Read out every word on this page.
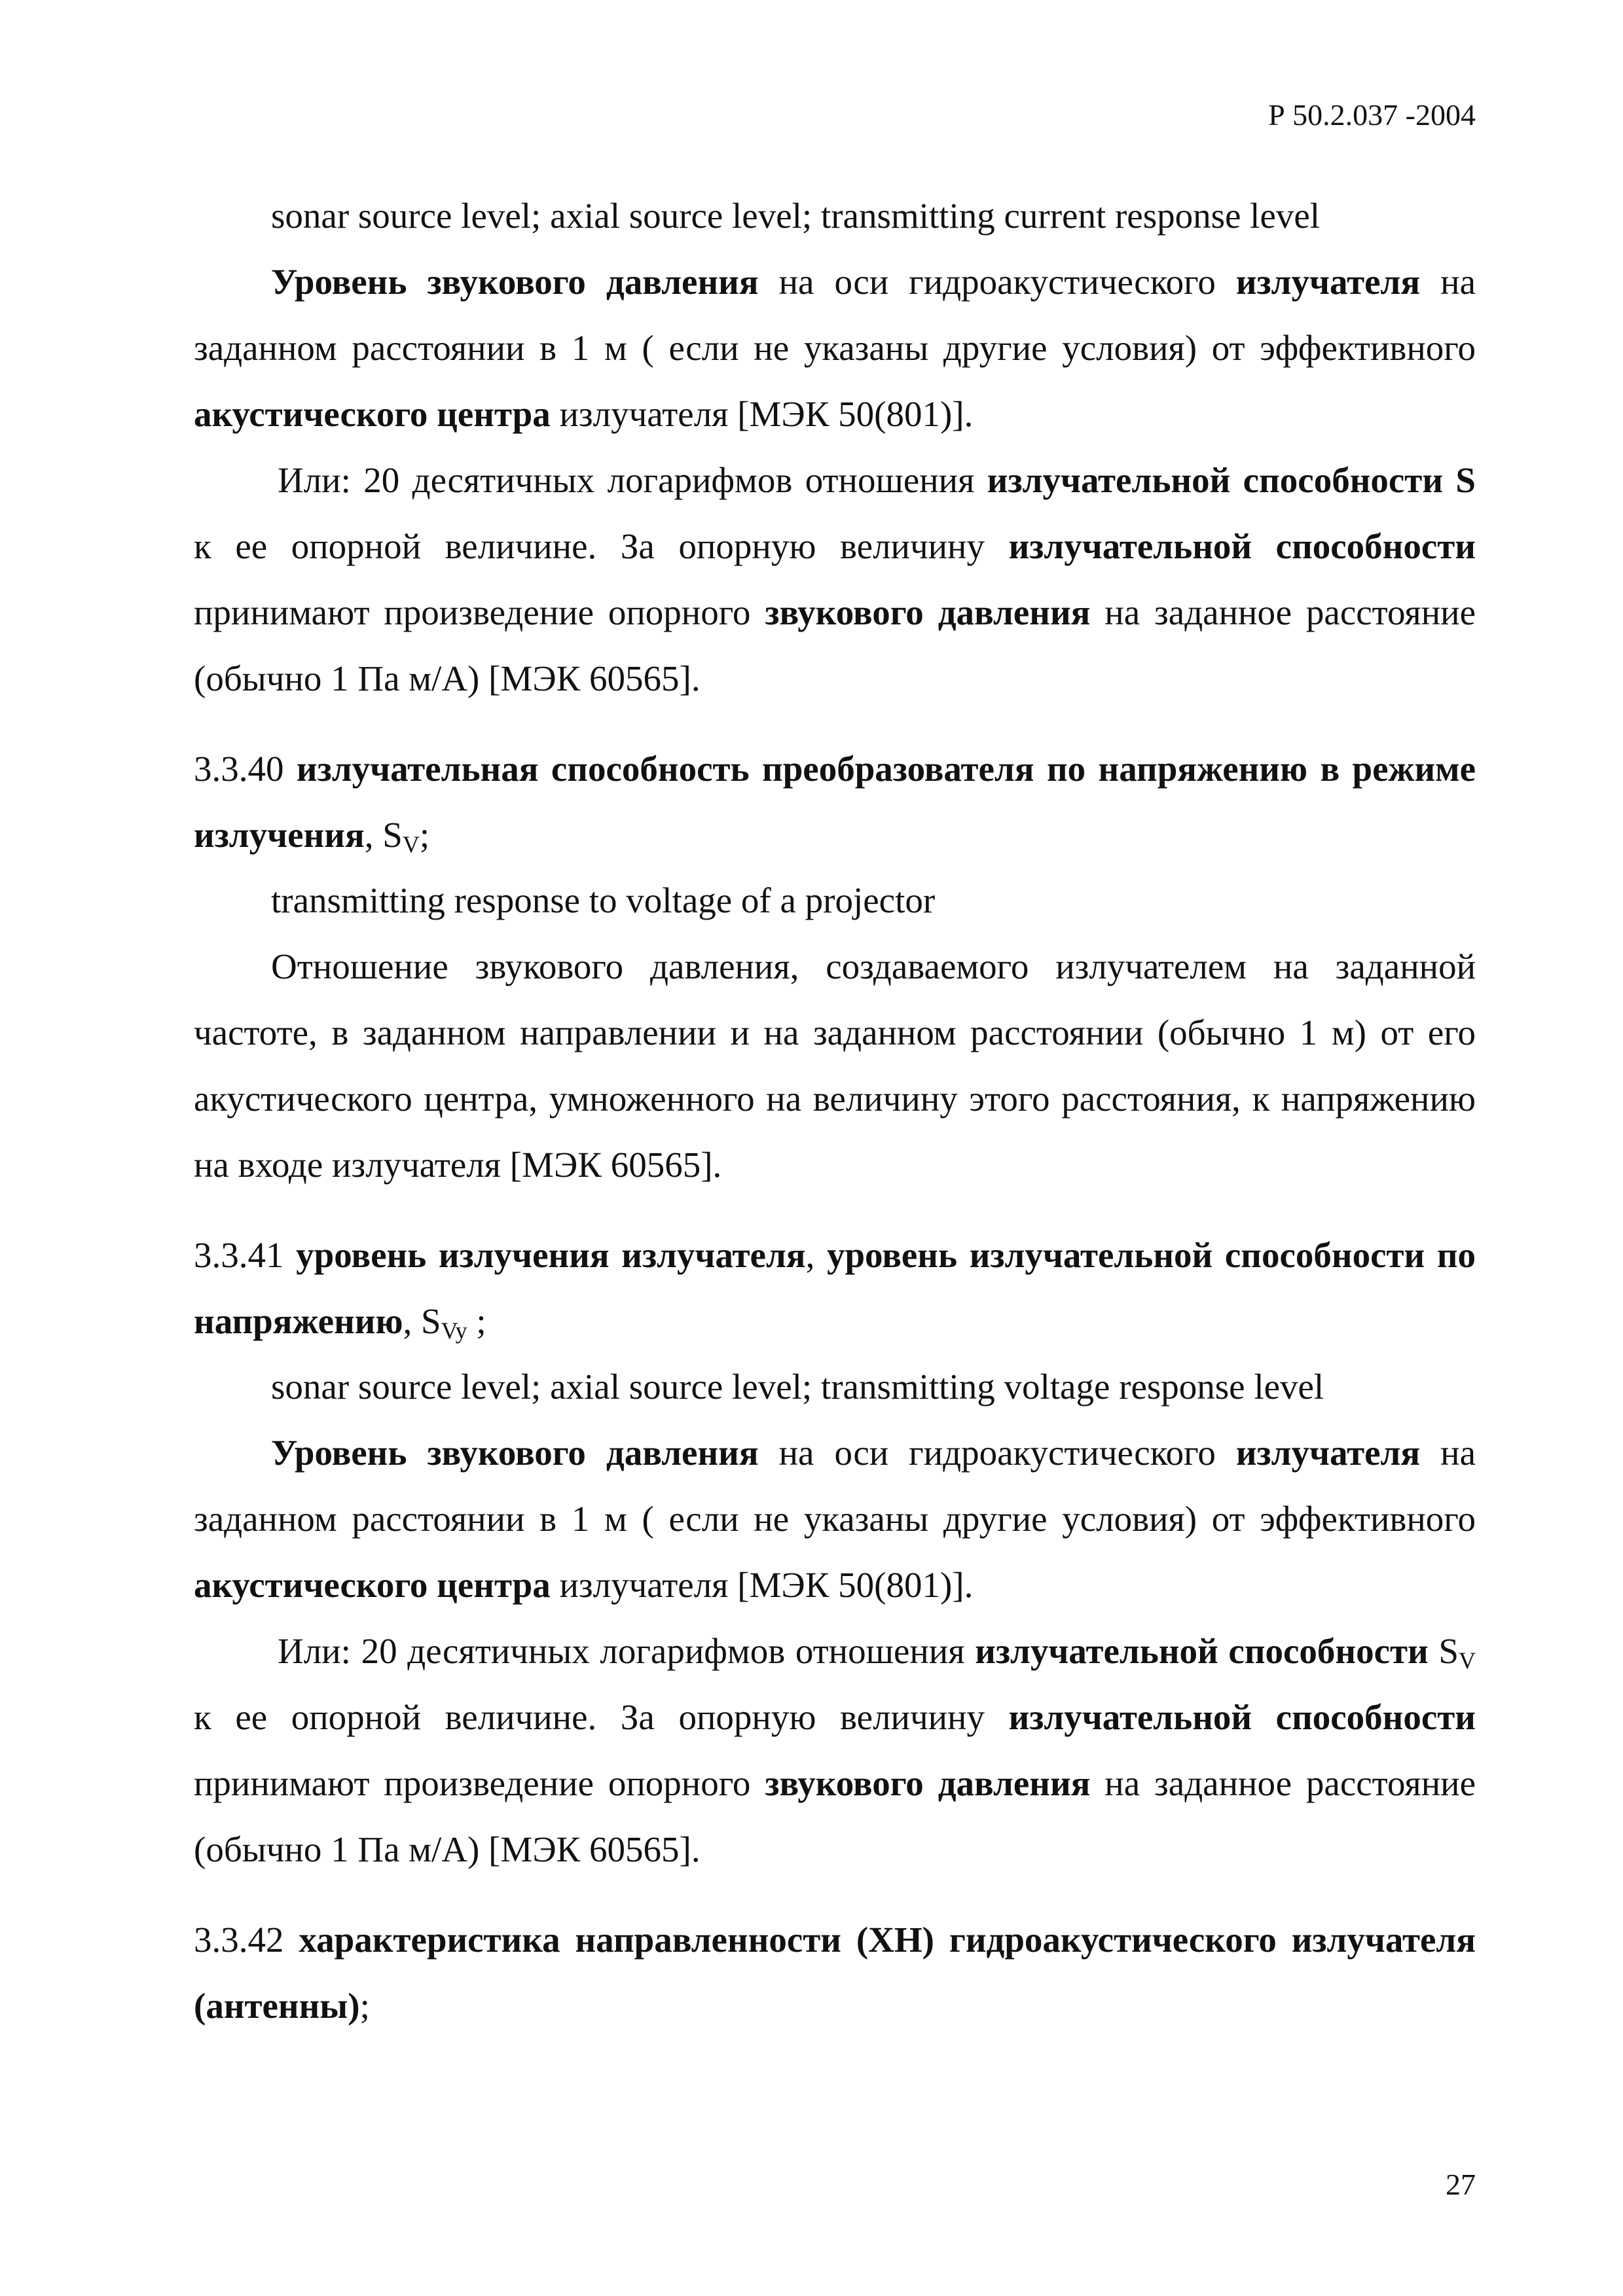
Р 50.2.037 -2004

sonar source level; axial source level; transmitting current response level

Уровень звукового давления на оси гидроакустического излучателя на заданном расстоянии в 1 м ( если не указаны другие условия) от эффективного акустического центра излучателя [МЭК 50(801)].

Или: 20 десятичных логарифмов отношения излучательной способности S к ее опорной величине. За опорную величину излучательной способности принимают произведение опорного звукового давления на заданное расстояние (обычно 1 Па м/А) [МЭК 60565].

3.3.40 излучательная способность преобразователя по напряжению в режиме излучения, $S_V$;

transmitting response to voltage of a projector

Отношение звукового давления, создаваемого излучателем на заданной частоте, в заданном направлении и на заданном расстоянии (обычно 1 м) от его акустического центра, умноженного на величину этого расстояния, к напряжению на входе излучателя [МЭК 60565].

3.3.41 уровень излучения излучателя, уровень излучательной способности по напряжению, $S_{Vy}$ ;

sonar source level; axial source level; transmitting voltage response level

Уровень звукового давления на оси гидроакустического излучателя на заданном расстоянии в 1 м ( если не указаны другие условия) от эффективного акустического центра излучателя [МЭК 50(801)].

Или: 20 десятичных логарифмов отношения излучательной способности $S_V$ к ее опорной величине. За опорную величину излучательной способности принимают произведение опорного звукового давления на заданное расстояние (обычно 1 Па м/А) [МЭК 60565].

3.3.42 характеристика направленности (ХН) гидроакустического излучателя (антенны);

27
